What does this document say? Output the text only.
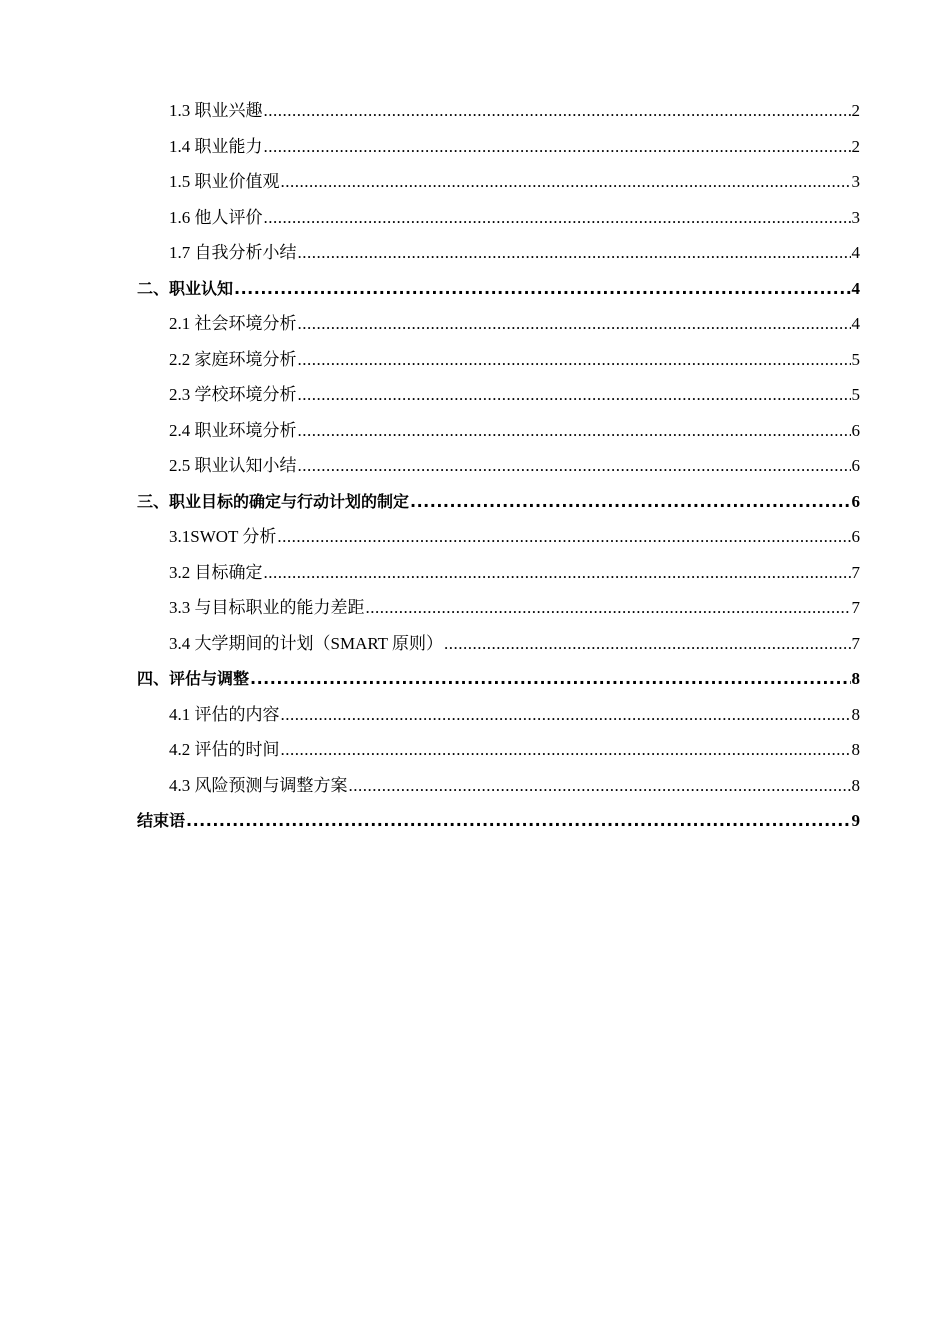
1.3 职业兴趣 .....	2
1.4 职业能力 .....	2
1.5 职业价值观 .....	3
1.6 他人评价 .....	3
1.7 自我分析小结 .....	4
二、职业认知 .....	4
2.1 社会环境分析 .....	4
2.2 家庭环境分析 .....	5
2.3 学校环境分析 .....	5
2.4 职业环境分析 .....	6
2.5 职业认知小结 .....	6
三、职业目标的确定与行动计划的制定 .....	6
3.1SWOT 分析 .....	6
3.2 目标确定 .....	7
3.3 与目标职业的能力差距 .....	7
3.4 大学期间的计划（SMART 原则） .....	7
四、评估与调整 .....	8
4.1 评估的内容 .....	8
4.2 评估的时间 .....	8
4.3 风险预测与调整方案 .....	8
结束语 .....	9
